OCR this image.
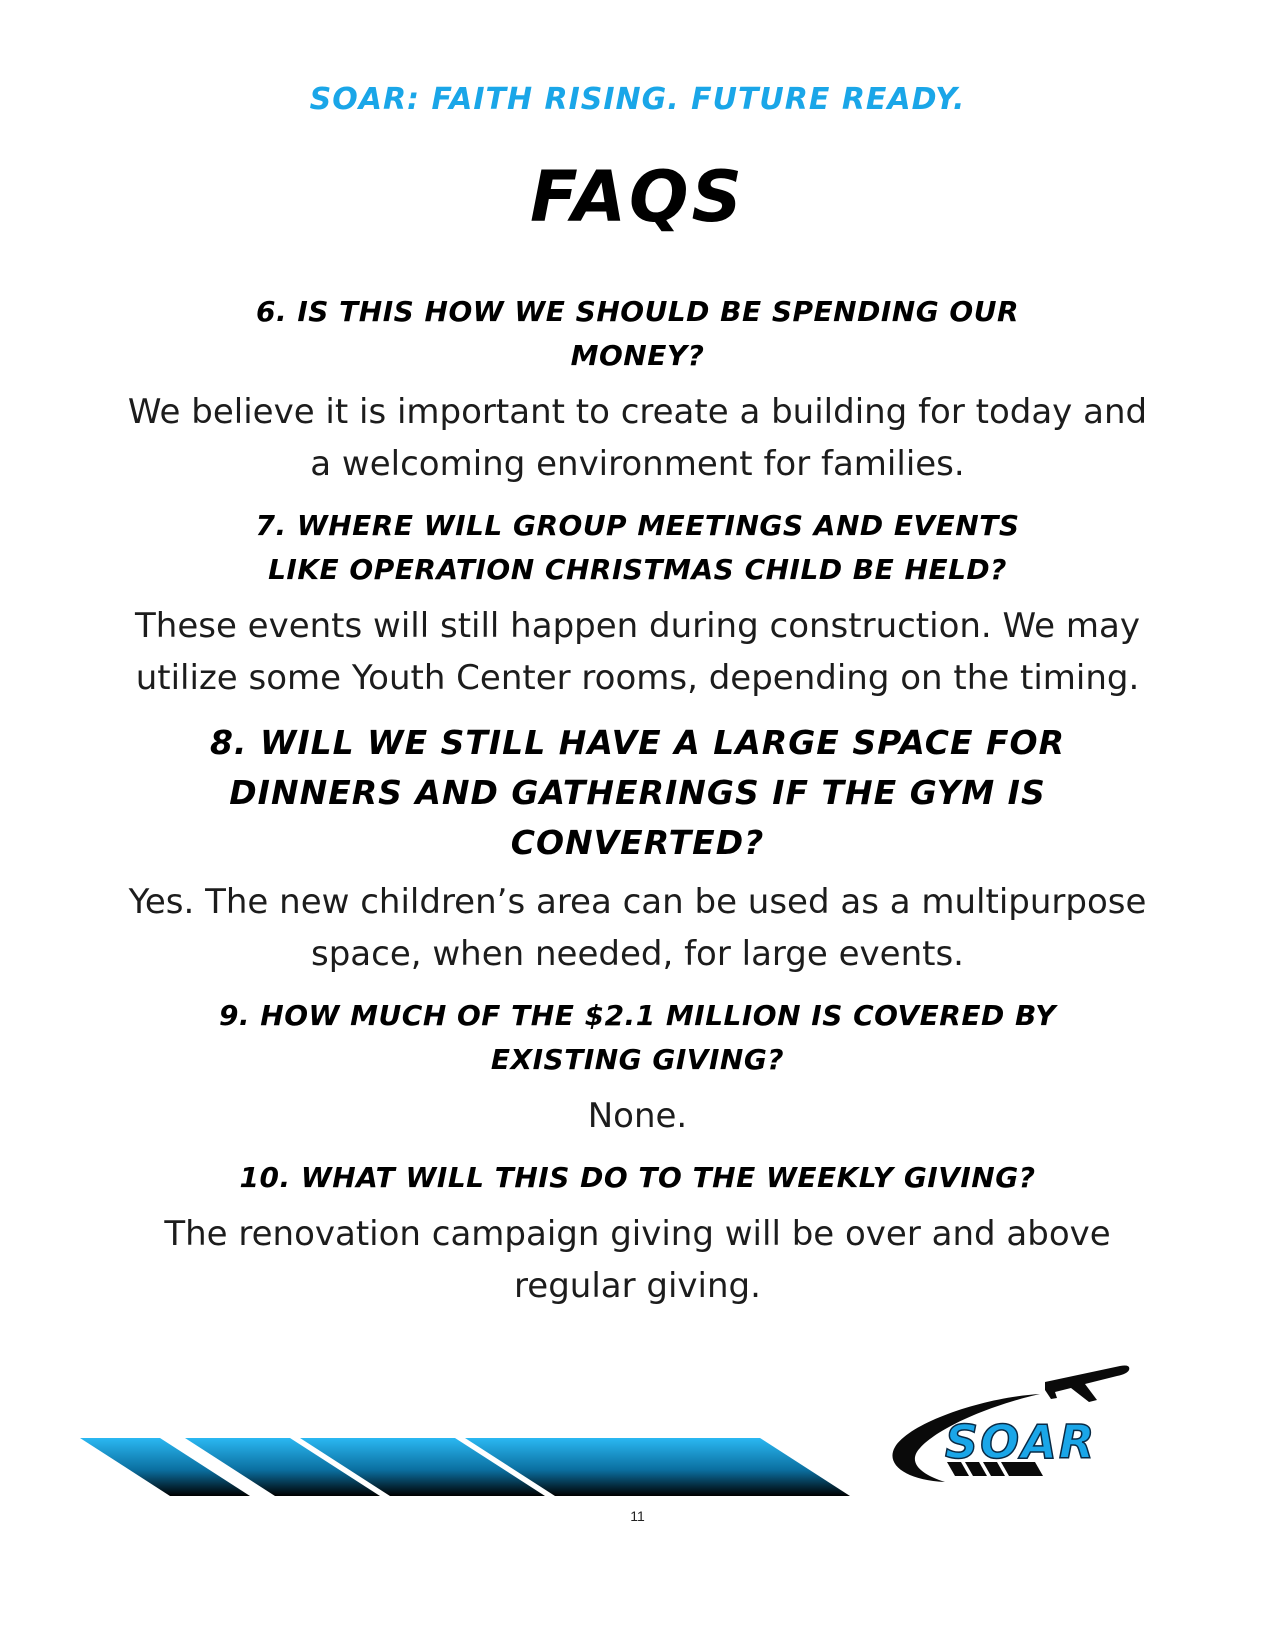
SOAR: FAITH RISING. FUTURE READY.
FAQS
6. IS THIS HOW WE SHOULD BE SPENDING OUR
MONEY?
We believe it is important to create a building for today and
a welcoming environment for families.
7. WHERE WILL GROUP MEETINGS AND EVENTS
LIKE OPERATION CHRISTMAS CHILD BE HELD?
These events will still happen during construction. We may
utilize some Youth Center rooms, depending on the timing.
8. WILL WE STILL HAVE A LARGE SPACE FOR
DINNERS AND GATHERINGS IF THE GYM IS
CONVERTED?
Yes. The new children’s area can be used as a multipurpose
space, when needed, for large events.
9. HOW MUCH OF THE $2.1 MILLION IS COVERED BY
EXISTING GIVING?
None.
10. WHAT WILL THIS DO TO THE WEEKLY GIVING?
The renovation campaign giving will be over and above
regular giving.
SOAR
11
